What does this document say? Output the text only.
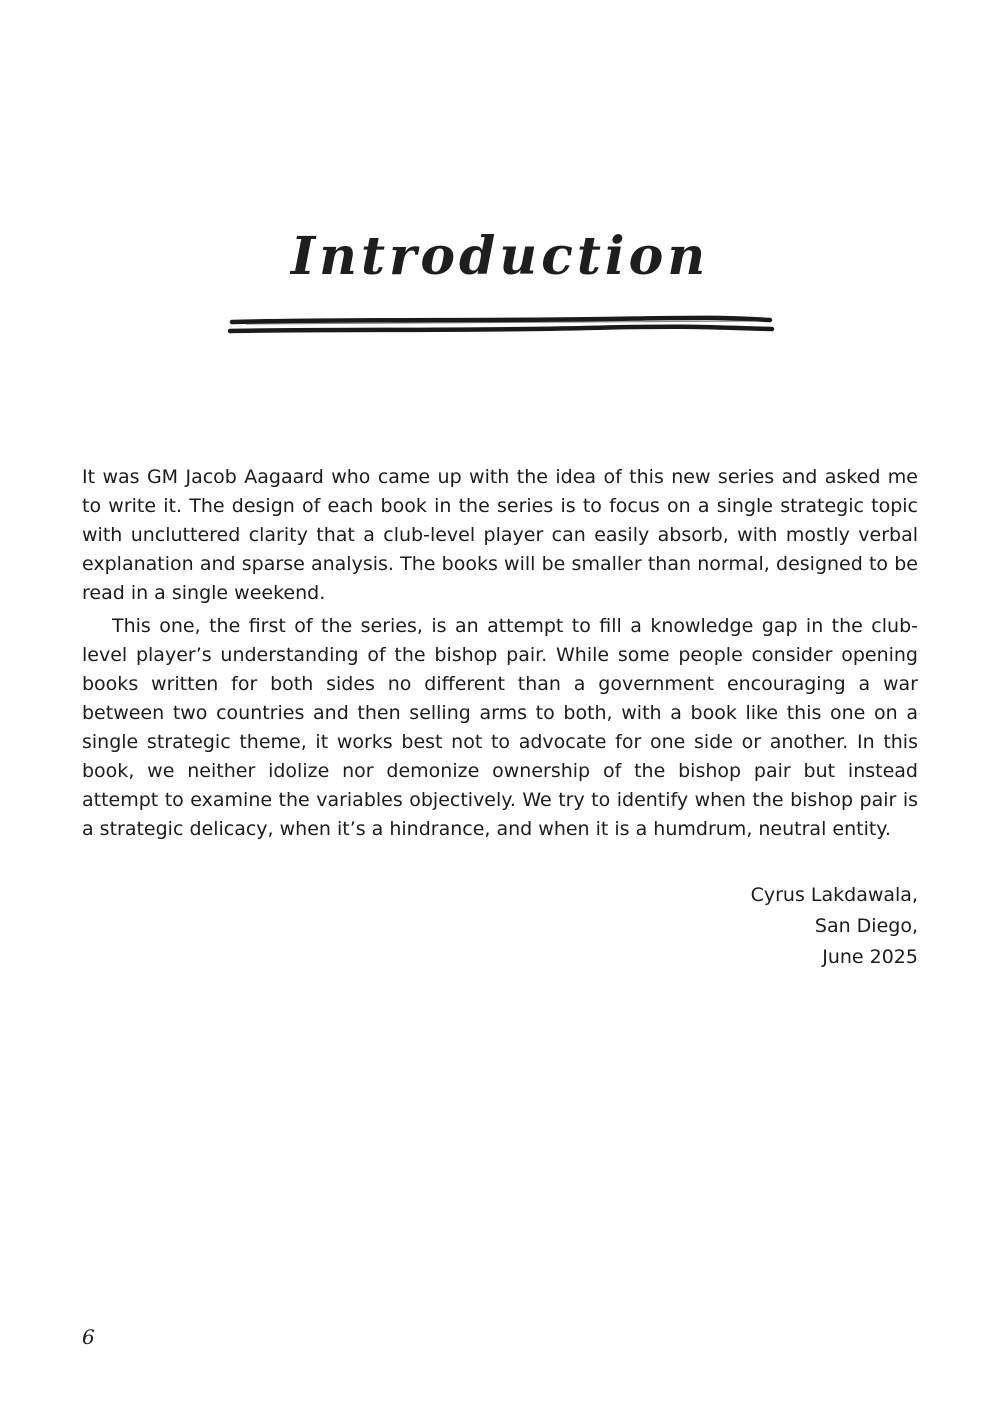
Introduction

It was GM Jacob Aagaard who came up with the idea of this new series and asked me to write it. The design of each book in the series is to focus on a single strategic topic with uncluttered clarity that a club-level player can easily absorb, with mostly verbal explanation and sparse analysis. The books will be smaller than normal, designed to be read in a single weekend.

This one, the first of the series, is an attempt to fill a knowledge gap in the club-level player’s understanding of the bishop pair. While some people consider opening books written for both sides no different than a government encouraging a war between two countries and then selling arms to both, with a book like this one on a single strategic theme, it works best not to advocate for one side or another. In this book, we neither idolize nor demonize ownership of the bishop pair but instead attempt to examine the variables objectively. We try to identify when the bishop pair is a strategic delicacy, when it’s a hindrance, and when it is a humdrum, neutral entity.

Cyrus Lakdawala,
San Diego,
June 2025
6
